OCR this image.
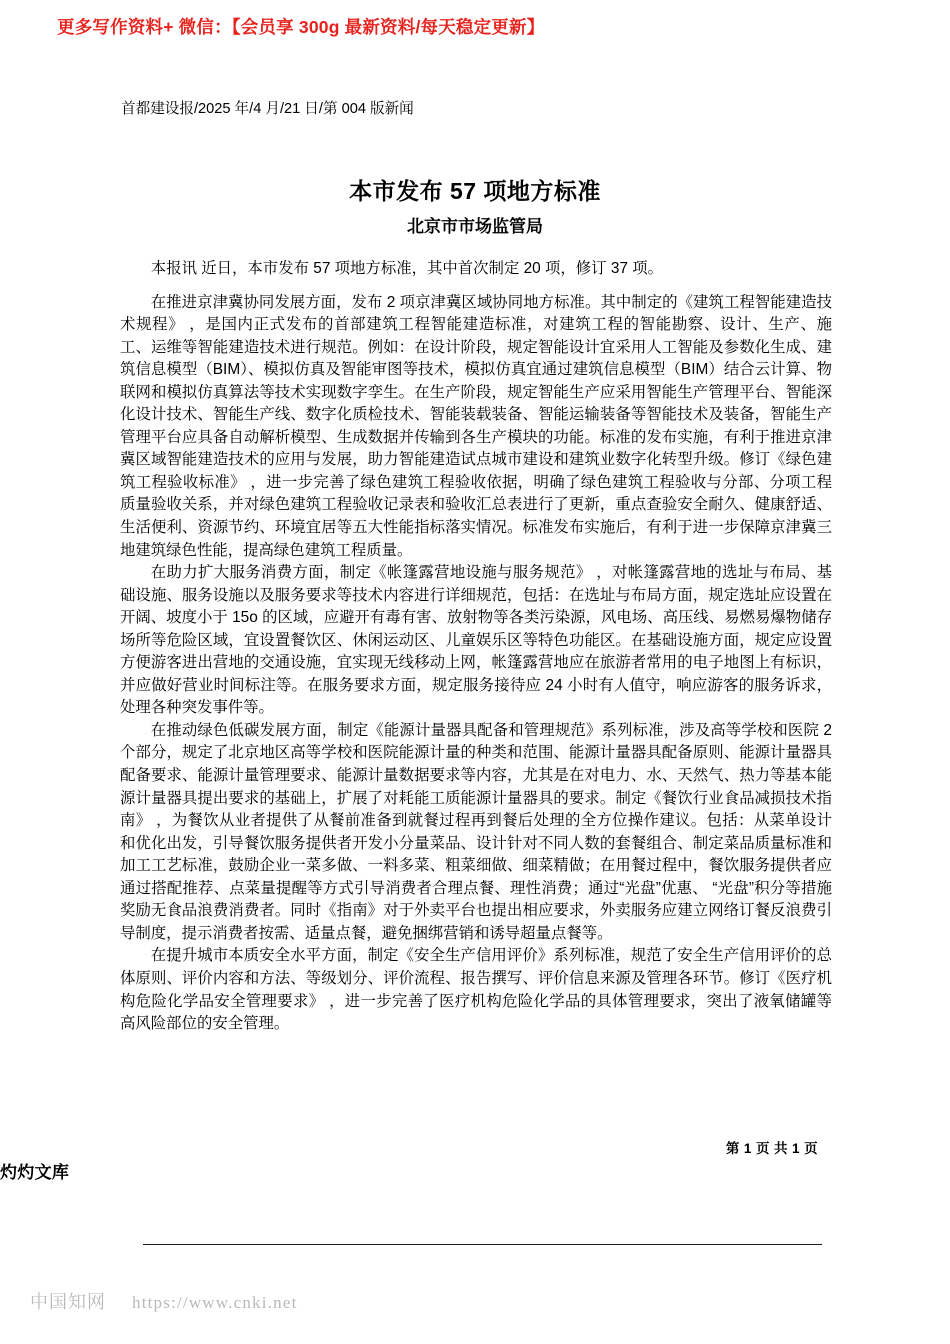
更多写作资料+ 微信：【会员享 300g 最新资料/每天稳定更新】
首都建设报/2025 年/4 月/21 日/第 004 版新闻
本市发布 57 项地方标准
北京市市场监管局

本报讯 近日，本市发布 57 项地方标准，其中首次制定 20 项，修订 37 项。

在推进京津冀协同发展方面，发布 2 项京津冀区域协同地方标准。其中制定的《建筑工程智能建造技术规程》 ，是国内正式发布的首部建筑工程智能建造标准，对建筑工程的智能勘察、设计、生产、施工、运维等智能建造技术进行规范。例如：在设计阶段，规定智能设计宜采用人工智能及参数化生成、建筑信息模型（BIM）、模拟仿真及智能审图等技术，模拟仿真宜通过建筑信息模型（BIM）结合云计算、物联网和模拟仿真算法等技术实现数字孪生。在生产阶段，规定智能生产应采用智能生产管理平台、智能深化设计技术、智能生产线、数字化质检技术、智能装载装备、智能运输装备等智能技术及装备，智能生产管理平台应具备自动解析模型、生成数据并传输到各生产模块的功能。标准的发布实施，有利于推进京津冀区域智能建造技术的应用与发展，助力智能建造试点城市建设和建筑业数字化转型升级。修订《绿色建筑工程验收标准》 ，进一步完善了绿色建筑工程验收依据，明确了绿色建筑工程验收与分部、分项工程质量验收关系，并对绿色建筑工程验收记录表和验收汇总表进行了更新，重点查验安全耐久、健康舒适、生活便利、资源节约、环境宜居等五大性能指标落实情况。标准发布实施后，有利于进一步保障京津冀三地建筑绿色性能，提高绿色建筑工程质量。

在助力扩大服务消费方面，制定《帐篷露营地设施与服务规范》 ，对帐篷露营地的选址与布局、基础设施、服务设施以及服务要求等技术内容进行详细规范，包括：在选址与布局方面，规定选址应设置在开阔、坡度小于 15o 的区域，应避开有毒有害、放射物等各类污染源，风电场、高压线、易燃易爆物储存场所等危险区域，宜设置餐饮区、休闲运动区、儿童娱乐区等特色功能区。在基础设施方面，规定应设置方便游客进出营地的交通设施，宜实现无线移动上网，帐篷露营地应在旅游者常用的电子地图上有标识，并应做好营业时间标注等。在服务要求方面，规定服务接待应 24 小时有人值守，响应游客的服务诉求，处理各种突发事件等。

在推动绿色低碳发展方面，制定《能源计量器具配备和管理规范》系列标准，涉及高等学校和医院 2 个部分，规定了北京地区高等学校和医院能源计量的种类和范围、能源计量器具配备原则、能源计量器具配备要求、能源计量管理要求、能源计量数据要求等内容，尤其是在对电力、水、天然气、热力等基本能源计量器具提出要求的基础上，扩展了对耗能工质能源计量器具的要求。制定《餐饮行业食品减损技术指南》 ，为餐饮从业者提供了从餐前准备到就餐过程再到餐后处理的全方位操作建议。包括：从菜单设计和优化出发，引导餐饮服务提供者开发小分量菜品、设计针对不同人数的套餐组合、制定菜品质量标准和加工工艺标准，鼓励企业一菜多做、一料多菜、粗菜细做、细菜精做；在用餐过程中，餐饮服务提供者应通过搭配推荐、点菜量提醒等方式引导消费者合理点餐、理性消费；通过“光盘”优惠、 “光盘”积分等措施奖励无食品浪费消费者。同时《指南》对于外卖平台也提出相应要求，外卖服务应建立网络订餐反浪费引导制度，提示消费者按需、适量点餐，避免捆绑营销和诱导超量点餐等。

在提升城市本质安全水平方面，制定《安全生产信用评价》系列标准，规范了安全生产信用评价的总体原则、评价内容和方法、等级划分、评价流程、报告撰写、评价信息来源及管理各环节。修订《医疗机构危险化学品安全管理要求》 ，进一步完善了医疗机构危险化学品的具体管理要求，突出了液氧储罐等高风险部位的安全管理。

第 1 页 共 1 页
灼灼文库
中国知网 https://www.cnki.net
